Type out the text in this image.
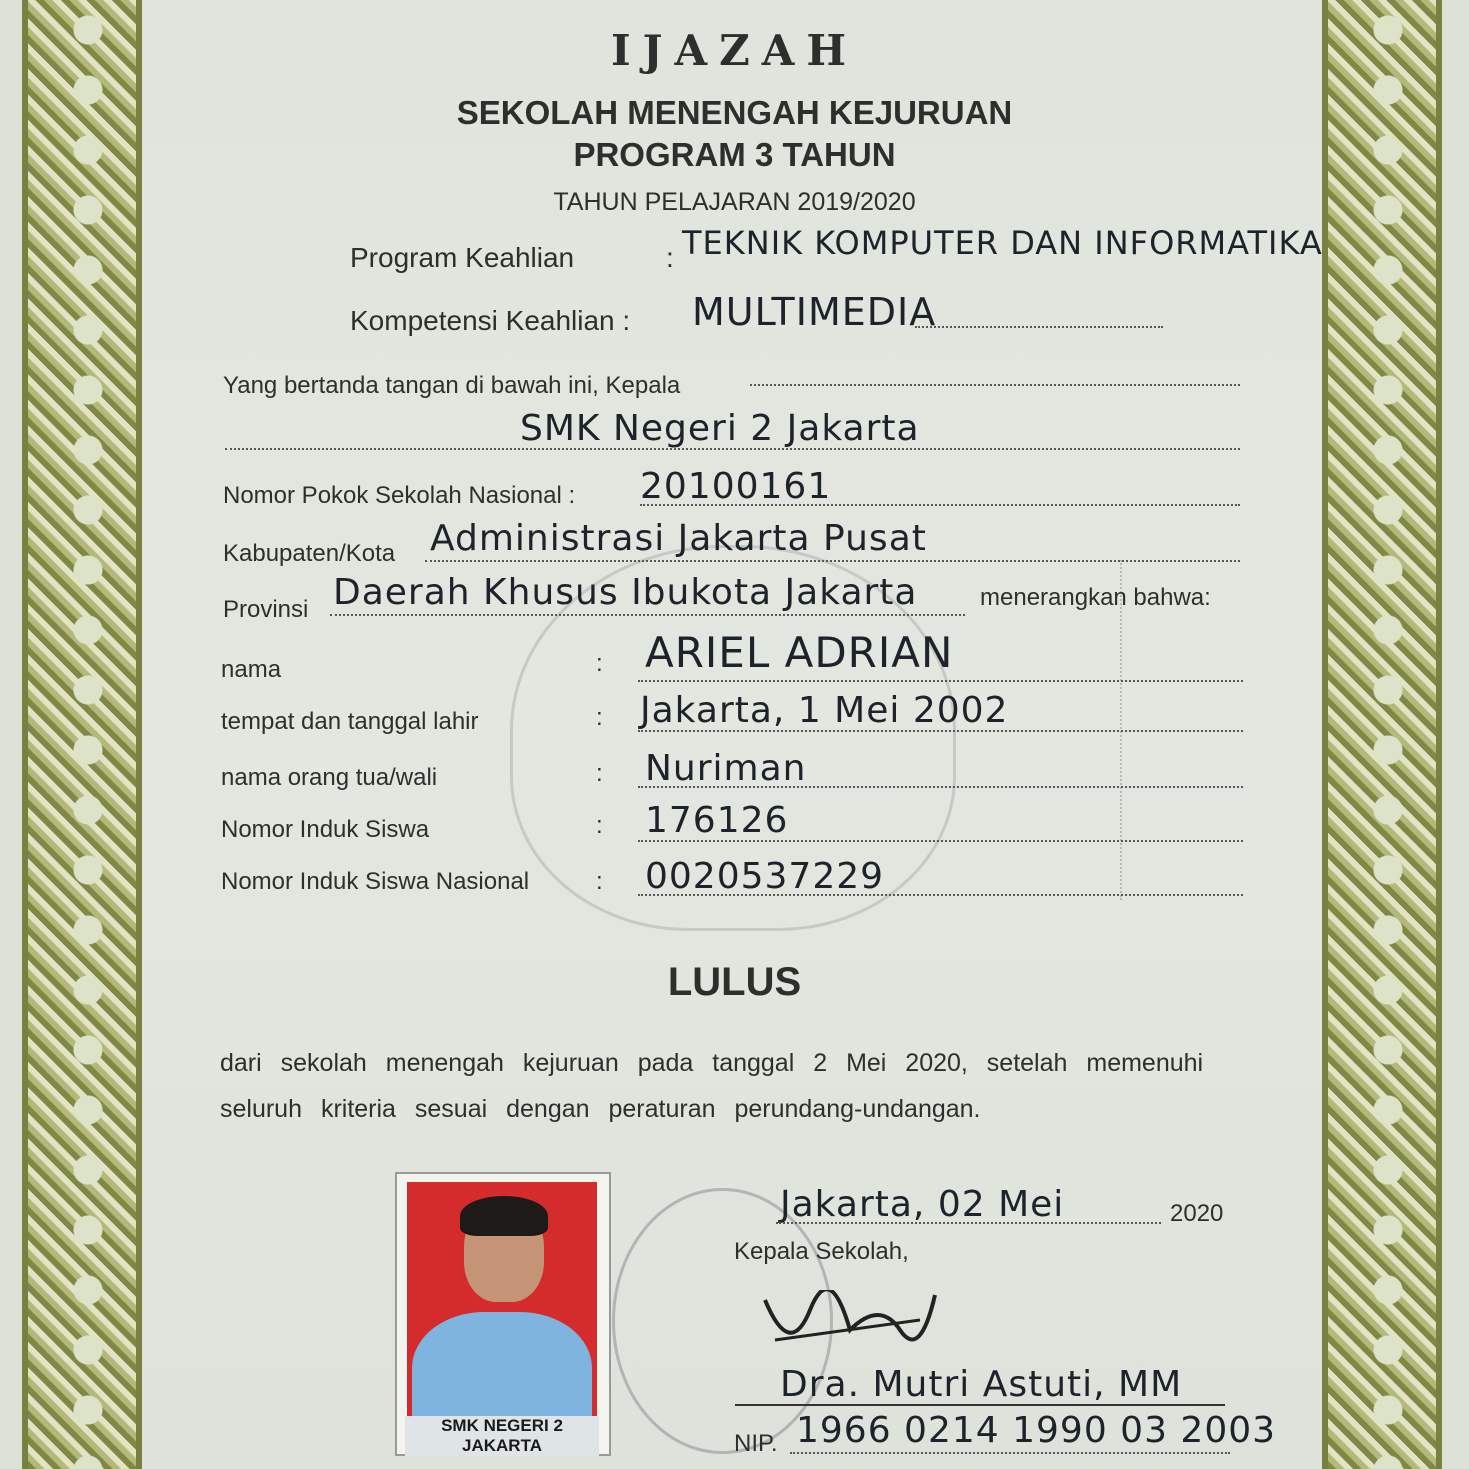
IJAZAH
SEKOLAH MENENGAH KEJURUAN
PROGRAM 3 TAHUN
TAHUN PELAJARAN 2019/2020
Program Keahlian	: TEKNIK KOMPUTER DAN INFORMATIKA
Kompetensi Keahlian : MULTIMEDIA
Yang bertanda tangan di bawah ini, Kepala
SMK Negeri 2 Jakarta
Nomor Pokok Sekolah Nasional : 20100161
Kabupaten/Kota Administrasi Jakarta Pusat
Provinsi Daerah Khusus Ibukota Jakarta	menerangkan bahwa:
nama	: ARIEL ADRIAN
tempat dan tanggal lahir	: Jakarta, 1 Mei 2002
nama orang tua/wali	: Nuriman
Nomor Induk Siswa	: 176126
Nomor Induk Siswa Nasional	: 0020537229
LULUS
dari sekolah menengah kejuruan pada tanggal 2 Mei 2020, setelah memenuhi
seluruh kriteria sesuai dengan peraturan perundang-undangan.
SMK NEGERI 2 JAKARTA
Jakarta, 02 Mei	2020
Kepala Sekolah,
Dra. Mutri Astuti, MM
NIP. 1966 0214 1990 03 2003
